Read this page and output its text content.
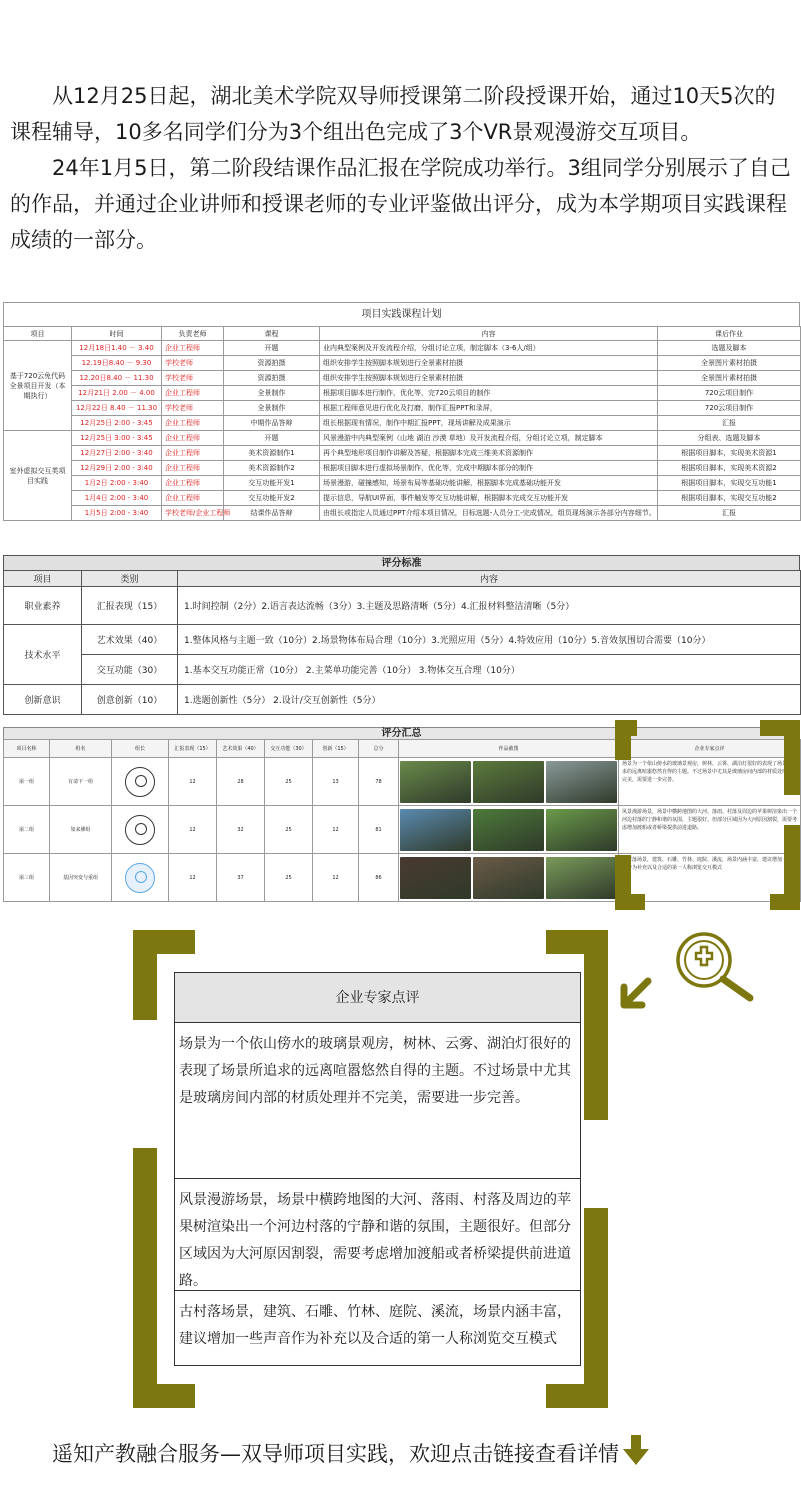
从12月25日起，湖北美术学院双导师授课第二阶段授课开始，通过10天5次的课程辅导，10多名同学们分为3个组出色完成了3个VR景观漫游交互项目。

24年1月5日，第二阶段结课作品汇报在学院成功举行。3组同学分别展示了自己的作品，并通过企业讲师和授课老师的专业评鉴做出评分，成为本学期项目实践课程成绩的一部分。

项目实践课程计划
项目	时间	负责老师	课程	内容	课后作业
基于720云免代码全景项目开发（本期执行）	12月18日1.40 － 3.40	企业工程师	开题	业内典型案例及开发流程介绍，分组讨论立项，制定脚本（3-6人/组）	选题及脚本
	12.19日8.40 － 9.30	学校老师	资源拍摄	组织安排学生按照脚本规划进行全景素材拍摄	全景图片素材拍摄
	12.20日8.40 － 11.30	学校老师	资源拍摄	组织安排学生按照脚本规划进行全景素材拍摄	全景图片素材拍摄
	12月21日 2.00 － 4.00	企业工程师	全景制作	根据项目脚本进行制作，优化等，完720云项目的制作	720云项目制作
	12月22日 8.40 － 11.30	学校老师	全景制作	根据工程师意见进行优化及打磨，制作汇报PPT和录屏，	720云项目制作
	12月25日 2:00 - 3:45	企业工程师	中期作品答辩	组长根据现有情况，制作中期汇报PPT，现场讲解及成果演示	汇报
室外虚拟交互类项目实践	12月25日 3:00 - 3:45	企业工程师	开题	风景漫游中内典型案例（山地 湖泊 沙漠 草地）及开发流程介绍，分组讨论立项，制定脚本	分组表、选题及脚本
	12月27日 2:00 - 3:40	企业工程师	美术资源制作1	再个典型地形项目制作讲解及答疑，根据脚本完成三维美术资源制作	根据项目脚本，实现美术资源1
	12月29日 2:00 - 3:40	企业工程师	美术资源制作2	根据项目脚本进行虚拟场景制作，优化等，完成中期脚本部分的制作	根据项目脚本，实现美术资源2
	1月2日 2:00 - 3:40	企业工程师	交互功能开发1	场景漫游，碰撞感知，场景布局等基础功能讲解，根据脚本完成基础功能开发	根据项目脚本，实现交互功能1
	1月4日 2:00 - 3:40	企业工程师	交互功能开发2	提示信息，导航UI界面，事件触发等交互功能讲解，根据脚本完成交互功能开发	根据项目脚本，实现交互功能2
	1月5日 2:00 - 3:40	学校老师/企业工程师	结课作品答辩	由组长或指定人员通过PPT介绍本项目情况，目标选题-人员分工-完成情况，组员现场演示各部分内容细节。	汇报
评分标准
项目	类别	内容
职业素养	汇报表现（15）	1.时间控制（2分）2.语言表达流畅（3分）3.主题及思路清晰（5分）4.汇报材料整洁清晰（5分）
技术水平	艺术效果（40）	1.整体风格与主题一致（10分）2.场景物体布局合理（10分）3.光照应用（5分）4.特效应用（10分）5.音效氛围切合需要（10分）
	交互功能（30）	1.基本交互功能正常（10分） 2.主菜单功能完善（10分） 3.物体交互合理（10分）
创新意识	创意创新（10）	1.选题创新性（5分） 2.设计/交互创新性（5分）
评分汇总
项目名称	组名	组长	汇报表现（15）	艺术效果（40）	交互功能（30）	创新（15）	总分	作品截图	企业专家点评
第一组	有请下一组		12	28	25	13	78		场景为一个依山傍水的玻璃景观房，树林、云雾、湖泊灯很好的表现了场景所追求的远离喧嚣悠然自得的主题。不过场景中尤其是玻璃房间内部的材质处理并不完美，需要进一步完善。
第二组	如来佛组		12	32	25	12	81		风景漫游场景，场景中横跨地图的大河、落雨、村落及周边的苹果树渲染出一个河边村落的宁静和谐的氛围，主题很好。但部分区域因为大河原因割裂，需要考虑增加渡船或者桥梁提供前进道路。
第三组	基因突变与重组		12	37	25	12	86		古村落场景，建筑、石雕、竹林、庭院、溪流，场景内涵丰富，建议增加一些声音作为补充以及合适的第一人称浏览交互模式
企业专家点评
场景为一个依山傍水的玻璃景观房，树林、云雾、湖泊灯很好的表现了场景所追求的远离喧嚣悠然自得的主题。不过场景中尤其是玻璃房间内部的材质处理并不完美，需要进一步完善。
风景漫游场景，场景中横跨地图的大河、落雨、村落及周边的苹果树渲染出一个河边村落的宁静和谐的氛围，主题很好。但部分区域因为大河原因割裂，需要考虑增加渡船或者桥梁提供前进道路。
古村落场景，建筑、石雕、竹林、庭院、溪流，场景内涵丰富，建议增加一些声音作为补充以及合适的第一人称浏览交互模式
遥知产教融合服务—双导师项目实践，欢迎点击链接查看详情
